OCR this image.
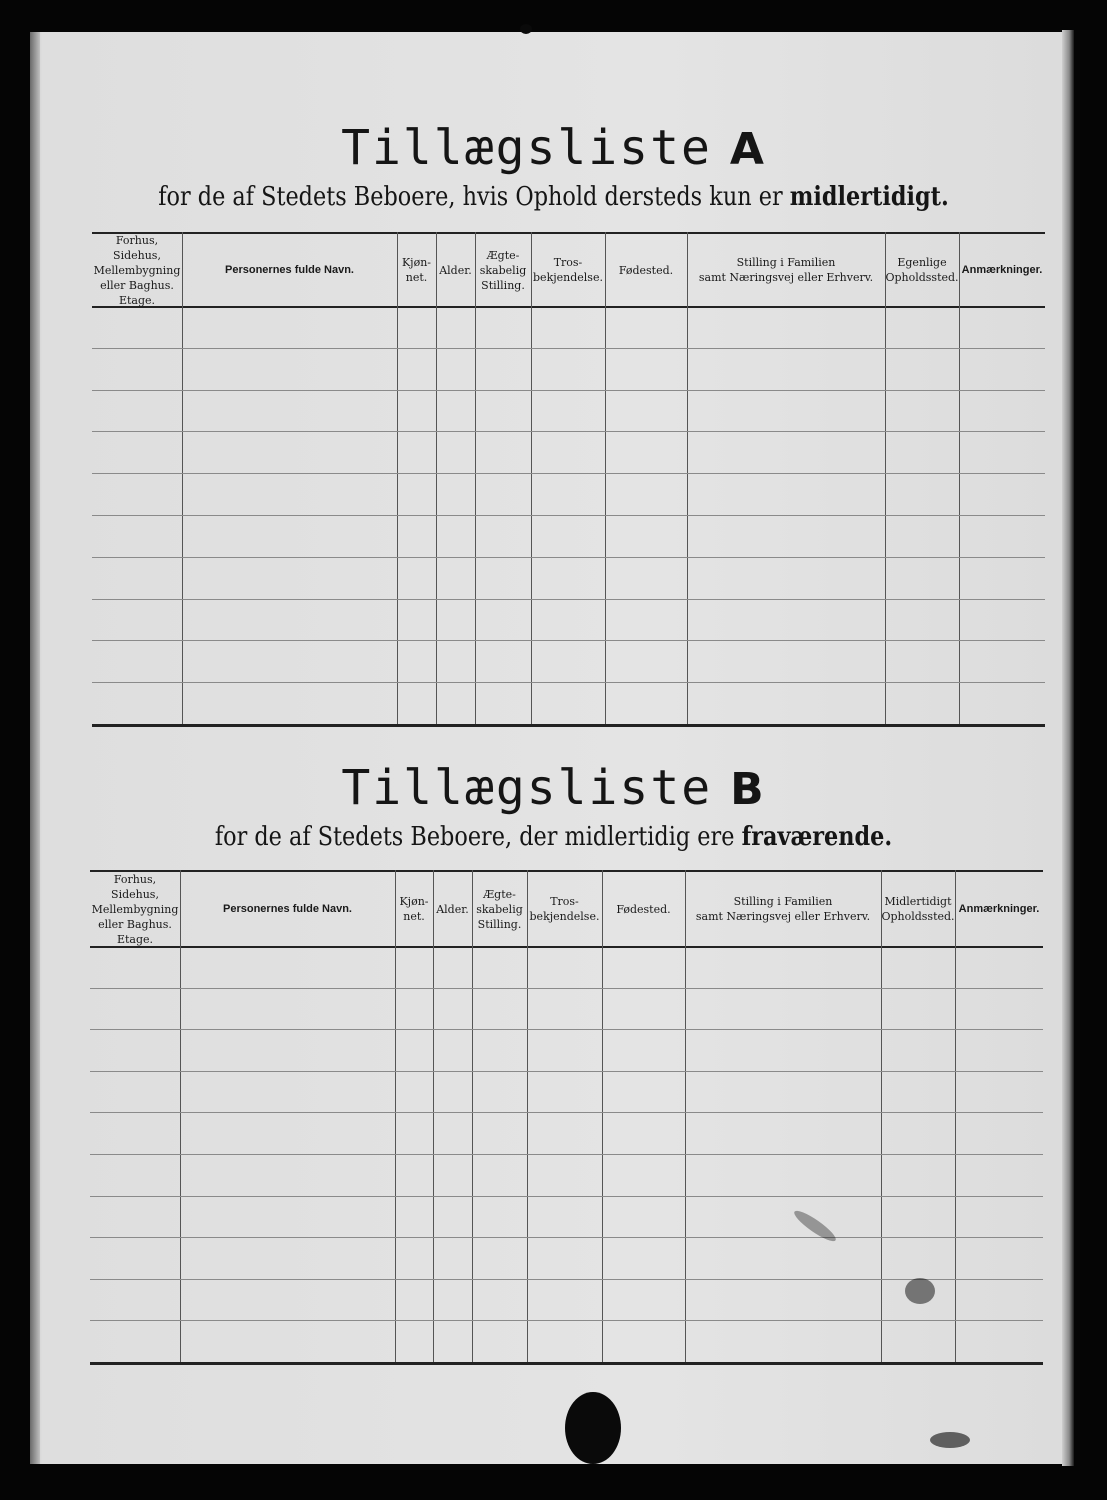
Tillægsliste A
for de af Stedets Beboere, hvis Ophold dersteds kun er midlertidigt.
Forhus, Sidehus,
Mellembygning
eller Baghus.
Etage.
Personernes fulde Navn.
Kjøn-
net.
Alder.
Ægte-
skabelig
Stilling.
Tros-
bekjendelse.
Fødested.
Stilling i Familien
samt Næringsvej eller Erhverv.
Egenlige
Opholdssted.
Anmærkninger.
Tillægsliste B
for de af Stedets Beboere, der midlertidig ere fraværende.
Forhus, Sidehus,
Mellembygning
eller Baghus.
Etage.
Personernes fulde Navn.
Kjøn-
net.
Alder.
Ægte-
skabelig
Stilling.
Tros-
bekjendelse.
Fødested.
Stilling i Familien
samt Næringsvej eller Erhverv.
Midlertidigt
Opholdssted.
Anmærkninger.
